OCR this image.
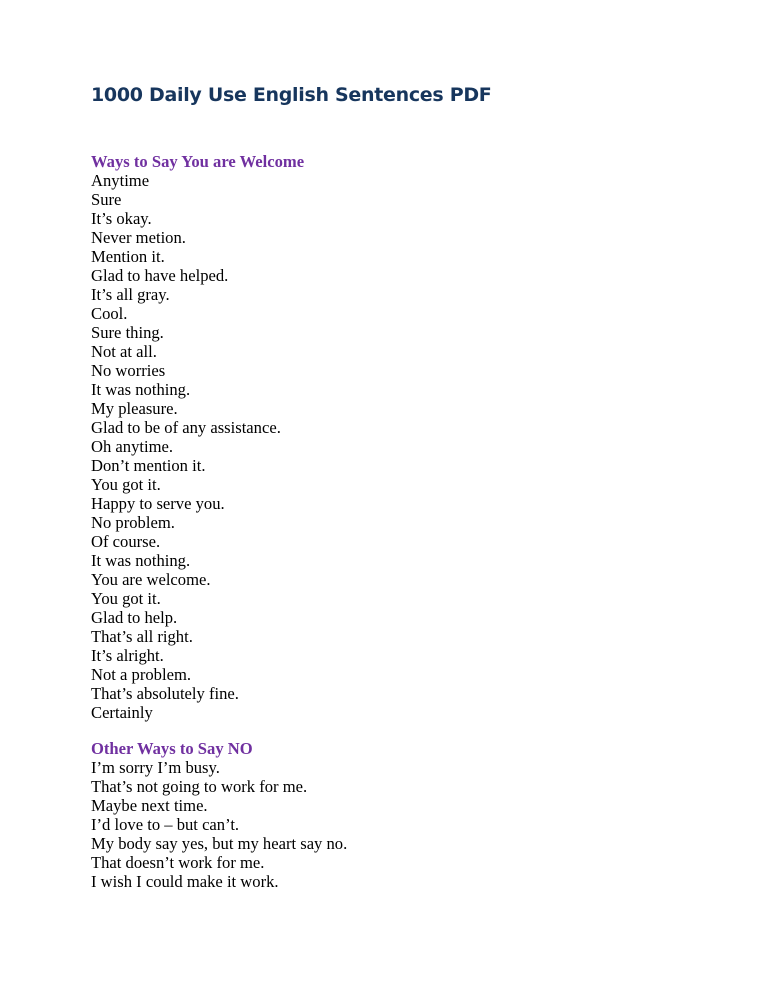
1000 Daily Use English Sentences PDF
Ways to Say You are Welcome

Anytime

Sure

It’s okay.

Never metion.

Mention it.

Glad to have helped.

It’s all gray.

Cool.

Sure thing.

Not at all.

No worries

It was nothing.

My pleasure.

Glad to be of any assistance.

Oh anytime.

Don’t mention it.

You got it.

Happy to serve you.

No problem.

Of course.

It was nothing.

You are welcome.

You got it.

Glad to help.

That’s all right.

It’s alright.

Not a problem.

That’s absolutely fine.

Certainly

Other Ways to Say NO

I’m sorry I’m busy.

That’s not going to work for me.

Maybe next time.

I’d love to – but can’t.

My body say yes, but my heart say no.

That doesn’t work for me.

I wish I could make it work.
